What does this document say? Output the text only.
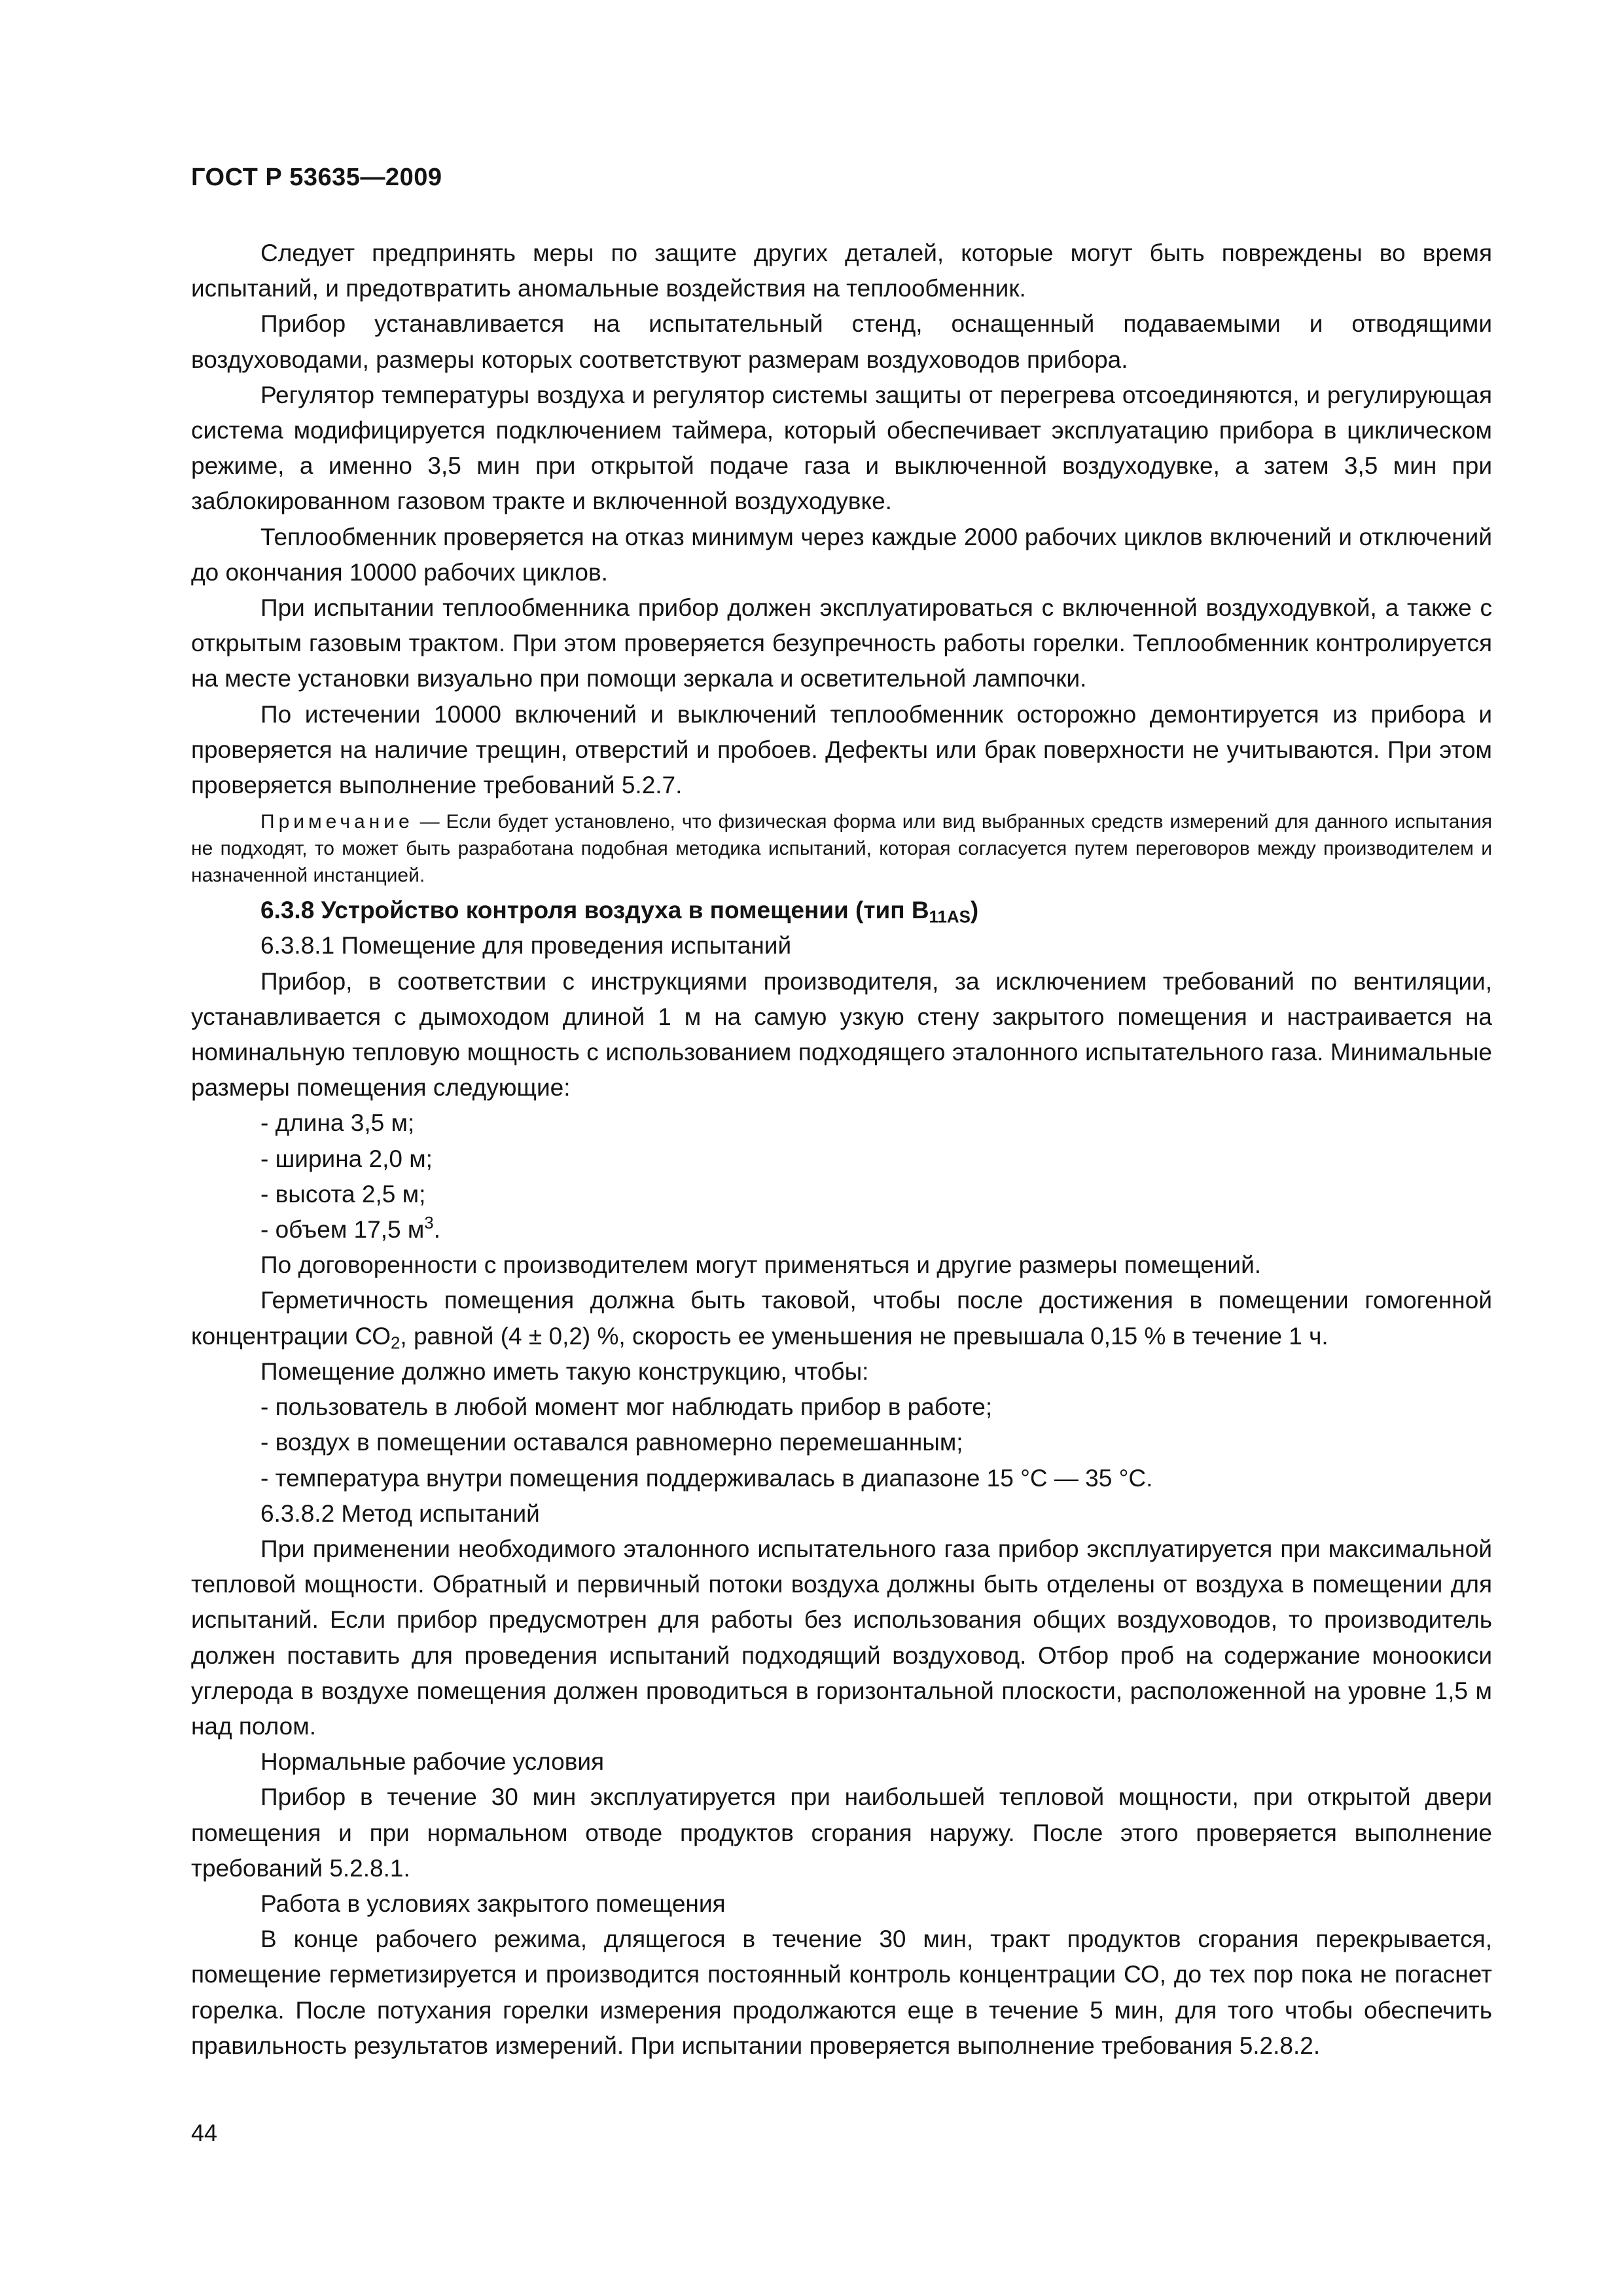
ГОСТ Р 53635—2009

Следует предпринять меры по защите других деталей, которые могут быть повреждены во время испытаний, и предотвратить аномальные воздействия на теплообменник.

Прибор устанавливается на испытательный стенд, оснащенный подаваемыми и отводящими воздуховодами, размеры которых соответствуют размерам воздуховодов прибора.

Регулятор температуры воздуха и регулятор системы защиты от перегрева отсоединяются, и регулирующая система модифицируется подключением таймера, который обеспечивает эксплуатацию прибора в циклическом режиме, а именно 3,5 мин при открытой подаче газа и выключенной воздуходувке, а затем 3,5 мин при заблокированном газовом тракте и включенной воздуходувке.

Теплообменник проверяется на отказ минимум через каждые 2000 рабочих циклов включений и отключений до окончания 10000 рабочих циклов.

При испытании теплообменника прибор должен эксплуатироваться с включенной воздуходувкой, а также с открытым газовым трактом. При этом проверяется безупречность работы горелки. Теплообменник контролируется на месте установки визуально при помощи зеркала и осветительной лампочки.

По истечении 10000 включений и выключений теплообменник осторожно демонтируется из прибора и проверяется на наличие трещин, отверстий и пробоев. Дефекты или брак поверхности не учитываются. При этом проверяется выполнение требований 5.2.7.

Примечание — Если будет установлено, что физическая форма или вид выбранных средств измерений для данного испытания не подходят, то может быть разработана подобная методика испытаний, которая согласуется путем переговоров между производителем и назначенной инстанцией.

6.3.8 Устройство контроля воздуха в помещении (тип $B_{11AS}$)

6.3.8.1 Помещение для проведения испытаний

Прибор, в соответствии с инструкциями производителя, за исключением требований по вентиляции, устанавливается с дымоходом длиной 1 м на самую узкую стену закрытого помещения и настраивается на номинальную тепловую мощность с использованием подходящего эталонного испытательного газа. Минимальные размеры помещения следующие:

- длина 3,5 м;

- ширина 2,0 м;

- высота 2,5 м;

- объем 17,5 $м^3$.

По договоренности с производителем могут применяться и другие размеры помещений.

Герметичность помещения должна быть таковой, чтобы после достижения в помещении гомогенной концентрации $СО_2$, равной (4 ± 0,2) %, скорость ее уменьшения не превышала 0,15 % в течение 1 ч.

Помещение должно иметь такую конструкцию, чтобы:

- пользователь в любой момент мог наблюдать прибор в работе;

- воздух в помещении оставался равномерно перемешанным;

- температура внутри помещения поддерживалась в диапазоне 15 °С — 35 °С.

6.3.8.2 Метод испытаний

При применении необходимого эталонного испытательного газа прибор эксплуатируется при максимальной тепловой мощности. Обратный и первичный потоки воздуха должны быть отделены от воздуха в помещении для испытаний. Если прибор предусмотрен для работы без использования общих воздуховодов, то производитель должен поставить для проведения испытаний подходящий воздуховод. Отбор проб на содержание моноокиси углерода в воздухе помещения должен проводиться в горизонтальной плоскости, расположенной на уровне 1,5 м над полом.

Нормальные рабочие условия

Прибор в течение 30 мин эксплуатируется при наибольшей тепловой мощности, при открытой двери помещения и при нормальном отводе продуктов сгорания наружу. После этого проверяется выполнение требований 5.2.8.1.

Работа в условиях закрытого помещения

В конце рабочего режима, длящегося в течение 30 мин, тракт продуктов сгорания перекрывается, помещение герметизируется и производится постоянный контроль концентрации СО, до тех пор пока не погаснет горелка. После потухания горелки измерения продолжаются еще в течение 5 мин, для того чтобы обеспечить правильность результатов измерений. При испытании проверяется выполнение требования 5.2.8.2.

44
